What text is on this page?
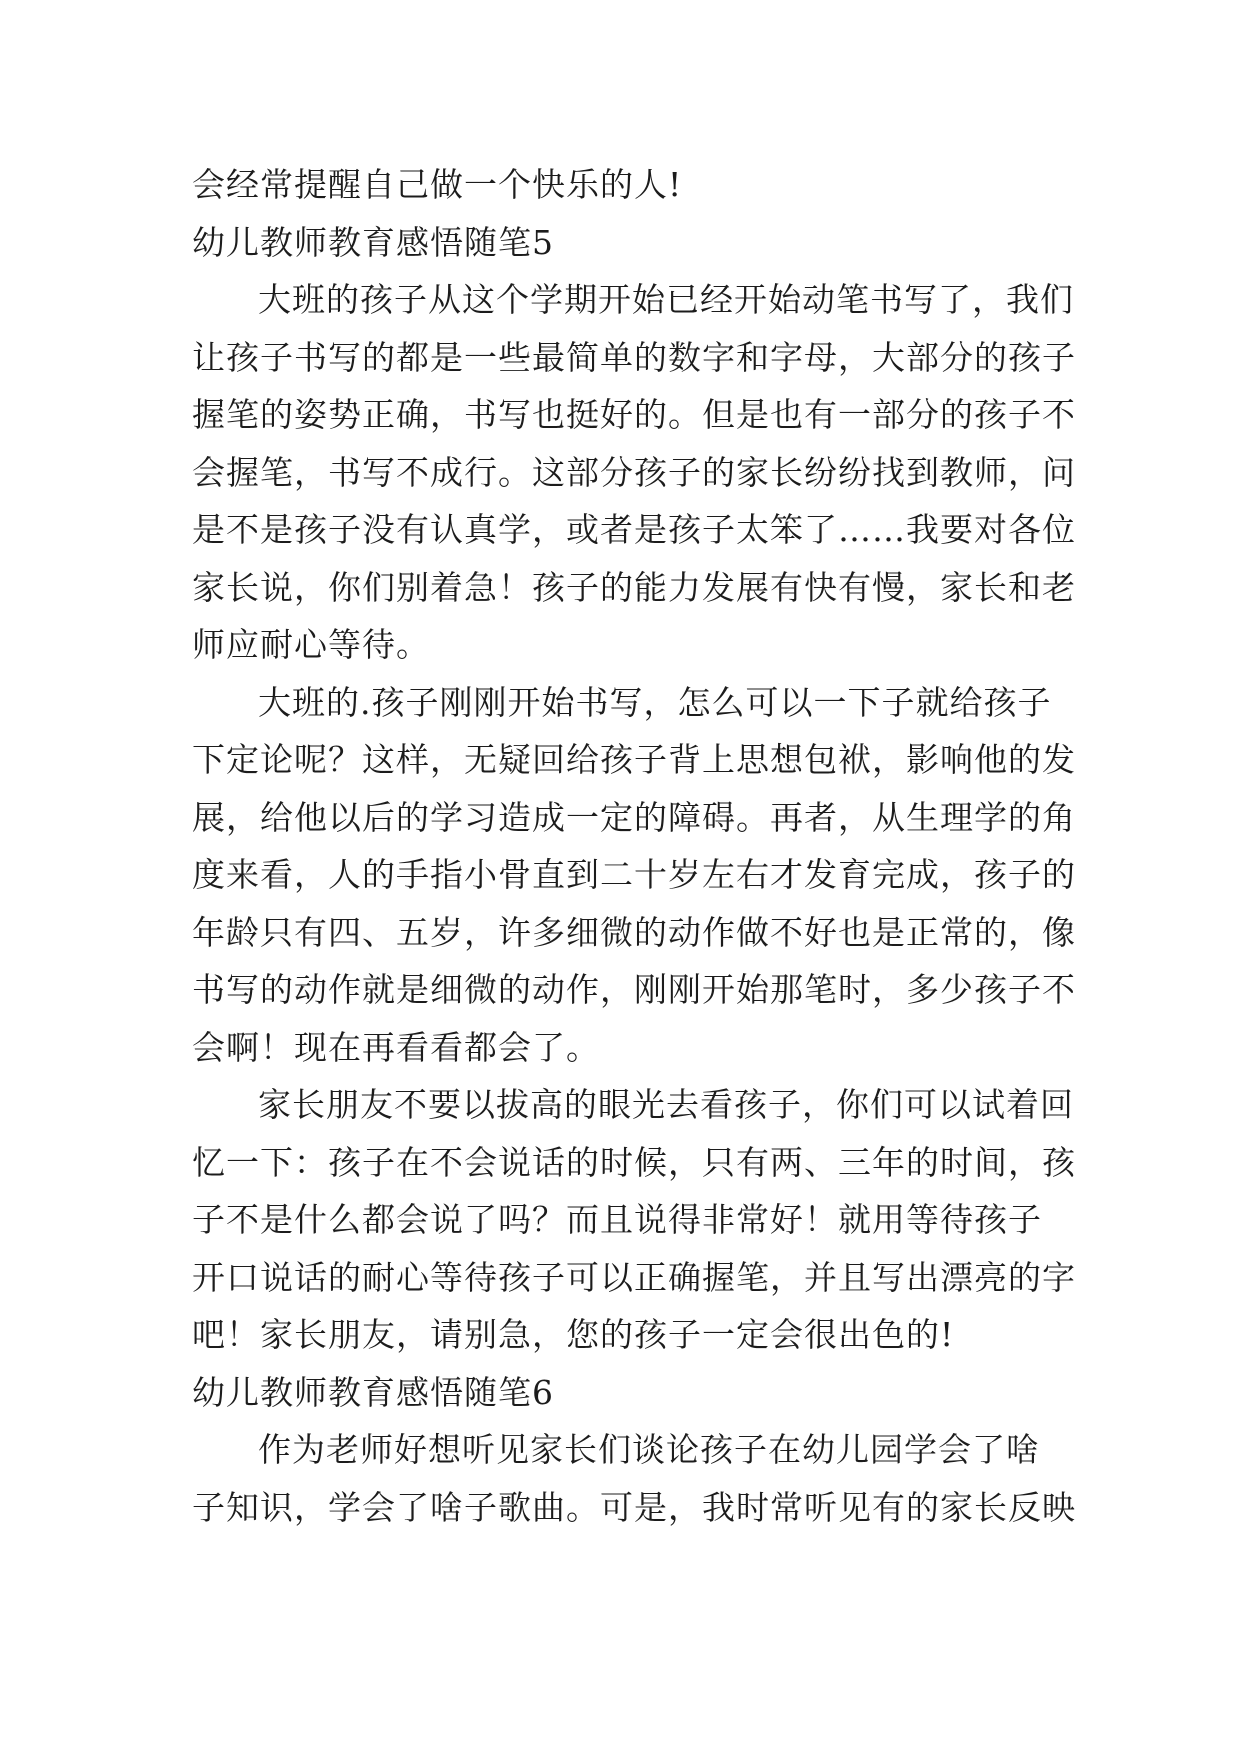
会经常提醒自己做一个快乐的人!

幼儿教师教育感悟随笔5
大班的孩子从这个学期开始已经开始动笔书写了，我们
让孩子书写的都是一些最简单的数字和字母，大部分的孩子
握笔的姿势正确，书写也挺好的。但是也有一部分的孩子不
会握笔，书写不成行。这部分孩子的家长纷纷找到教师，问
是不是孩子没有认真学，或者是孩子太笨了……我要对各位
家长说，你们别着急！孩子的能力发展有快有慢，家长和老
师应耐心等待。
大班的.孩子刚刚开始书写，怎么可以一下子就给孩子
下定论呢？这样，无疑回给孩子背上思想包袱，影响他的发
展，给他以后的学习造成一定的障碍。再者，从生理学的角
度来看，人的手指小骨直到二十岁左右才发育完成，孩子的
年龄只有四、五岁，许多细微的动作做不好也是正常的，像
书写的动作就是细微的动作，刚刚开始那笔时，多少孩子不
会啊！现在再看看都会了。
家长朋友不要以拔高的眼光去看孩子，你们可以试着回
忆一下：孩子在不会说话的时候，只有两、三年的时间，孩
子不是什么都会说了吗？而且说得非常好！就用等待孩子
开口说话的耐心等待孩子可以正确握笔，并且写出漂亮的字
吧！家长朋友，请别急，您的孩子一定会很出色的!
幼儿教师教育感悟随笔6
作为老师好想听见家长们谈论孩子在幼儿园学会了啥
子知识，学会了啥子歌曲。可是，我时常听见有的家长反映
